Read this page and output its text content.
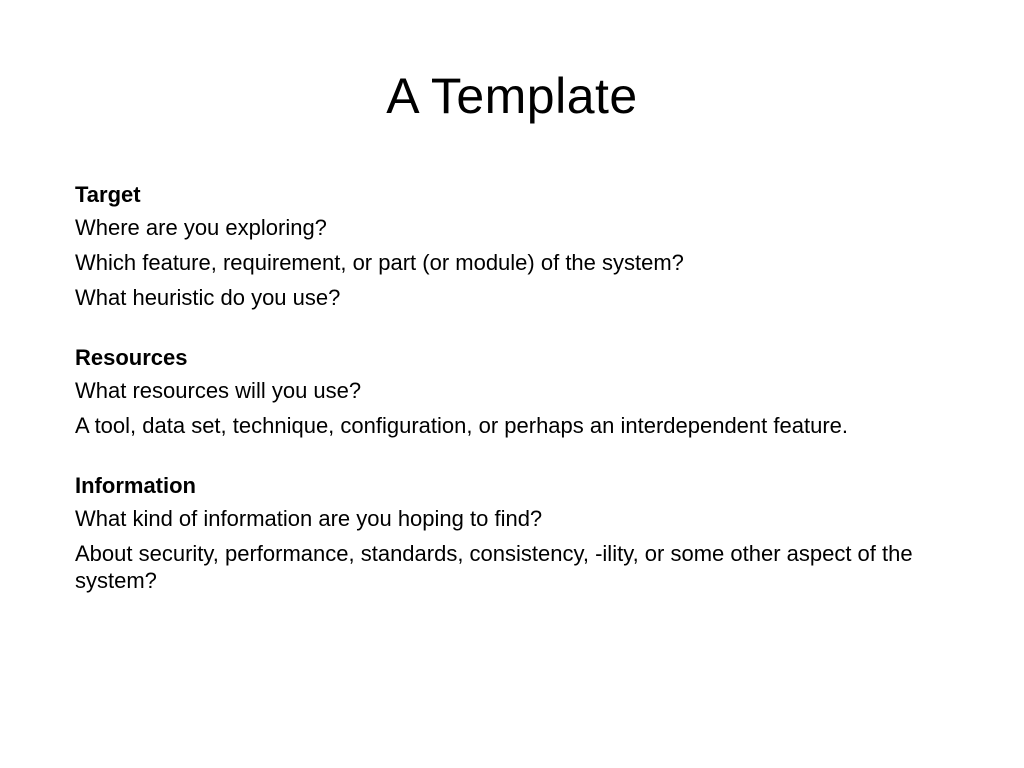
A Template
Target
Where are you exploring?
Which feature, requirement, or part (or module) of the system?
What heuristic do you use?
Resources
What resources will you use?
A tool, data set, technique, configuration, or perhaps an interdependent feature.
Information
What kind of information are you hoping to find?
About security, performance, standards, consistency, -ility, or some other aspect of the system?
